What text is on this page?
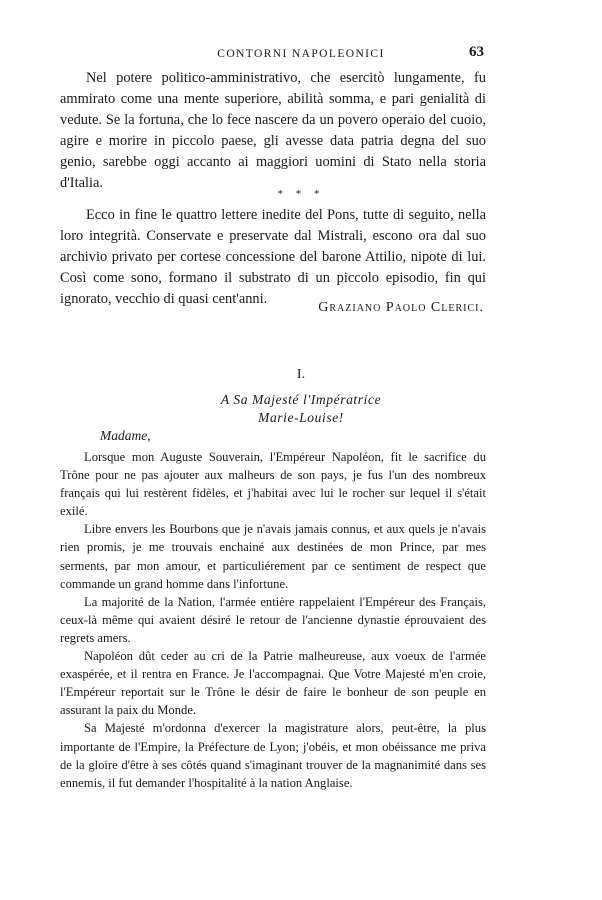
CONTORNI NAPOLEONICI	63

Nel potere politico-amministrativo, che esercitò lungamente, fu ammirato come una mente superiore, abilità somma, e pari genialità di vedute. Se la fortuna, che lo fece nascere da un povero operaio del cuoio, agire e morire in piccolo paese, gli avesse data patria degna del suo genio, sarebbe oggi accanto ai maggiori uomini di Stato nella storia d'Italia.

* * *

Ecco in fine le quattro lettere inedite del Pons, tutte di seguito, nella loro integrità. Conservate e preservate dal Mistrali, escono ora dal suo archivio privato per cortese concessione del barone Attilio, nipote di lui. Così come sono, formano il substrato di un piccolo episodio, fin qui ignorato, vecchio di quasi cent'anni.

Graziano Paolo Clerici.
I.
A Sa Majesté l'Impératrice
Marie-Louise!
Madame,

Lorsque mon Auguste Souverain, l'Empéreur Napoléon, fit le sacrifice du Trône pour ne pas ajouter aux malheurs de son pays, je fus l'un des nombreux français qui lui restèrent fidèles, et j'habitai avec lui le rocher sur lequel il s'était exilé.

Libre envers les Bourbons que je n'avais jamais connus, et aux quels je n'avais rien promis, je me trouvais enchainé aux destinées de mon Prince, par mes serments, par mon amour, et particuliérement par ce sentiment de respect que commande un grand homme dans l'infortune.

La majorité de la Nation, l'armée entière rappelaient l'Empéreur des Français, ceux-là même qui avaient désiré le retour de l'ancienne dynastie éprouvaient des regrets amers.

Napoléon dût ceder au cri de la Patrie malheureuse, aux voeux de l'armée exaspérée, et il rentra en France. Je l'accompagnai. Que Votre Majesté m'en croie, l'Empéreur reportait sur le Trône le désir de faire le bonheur de son peuple en assurant la paix du Monde.

Sa Majesté m'ordonna d'exercer la magistrature alors, peut-être, la plus importante de l'Empire, la Préfecture de Lyon; j'obéis, et mon obéissance me priva de la gloire d'être à ses côtés quand s'imaginant trouver de la magnanimité dans ses ennemis, il fut demander l'hospitalité à la nation Anglaise.
